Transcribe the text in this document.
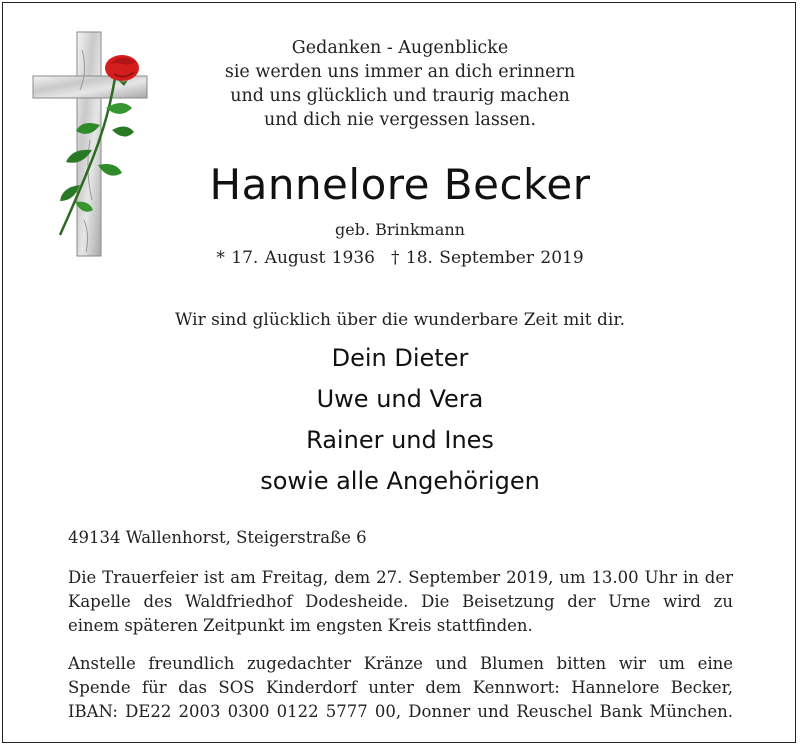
Gedanken - Augenblicke
sie werden uns immer an dich erinnern
und uns glücklich und traurig machen
und dich nie vergessen lassen.
Hannelore Becker
geb. Brinkmann
* 17. August 1936 † 18. September 2019
Wir sind glücklich über die wunderbare Zeit mit dir.
Dein Dieter
Uwe und Vera
Rainer und Ines
sowie alle Angehörigen
49134 Wallenhorst, Steigerstraße 6
Die Trauerfeier ist am Freitag, dem 27. September 2019, um 13.00 Uhr in der
Kapelle des Waldfriedhof Dodesheide. Die Beisetzung der Urne wird zu
einem späteren Zeitpunkt im engsten Kreis stattfinden.
Anstelle freundlich zugedachter Kränze und Blumen bitten wir um eine
Spende für das SOS Kinderdorf unter dem Kennwort: Hannelore Becker,
IBAN: DE22 2003 0300 0122 5777 00, Donner und Reuschel Bank München.
